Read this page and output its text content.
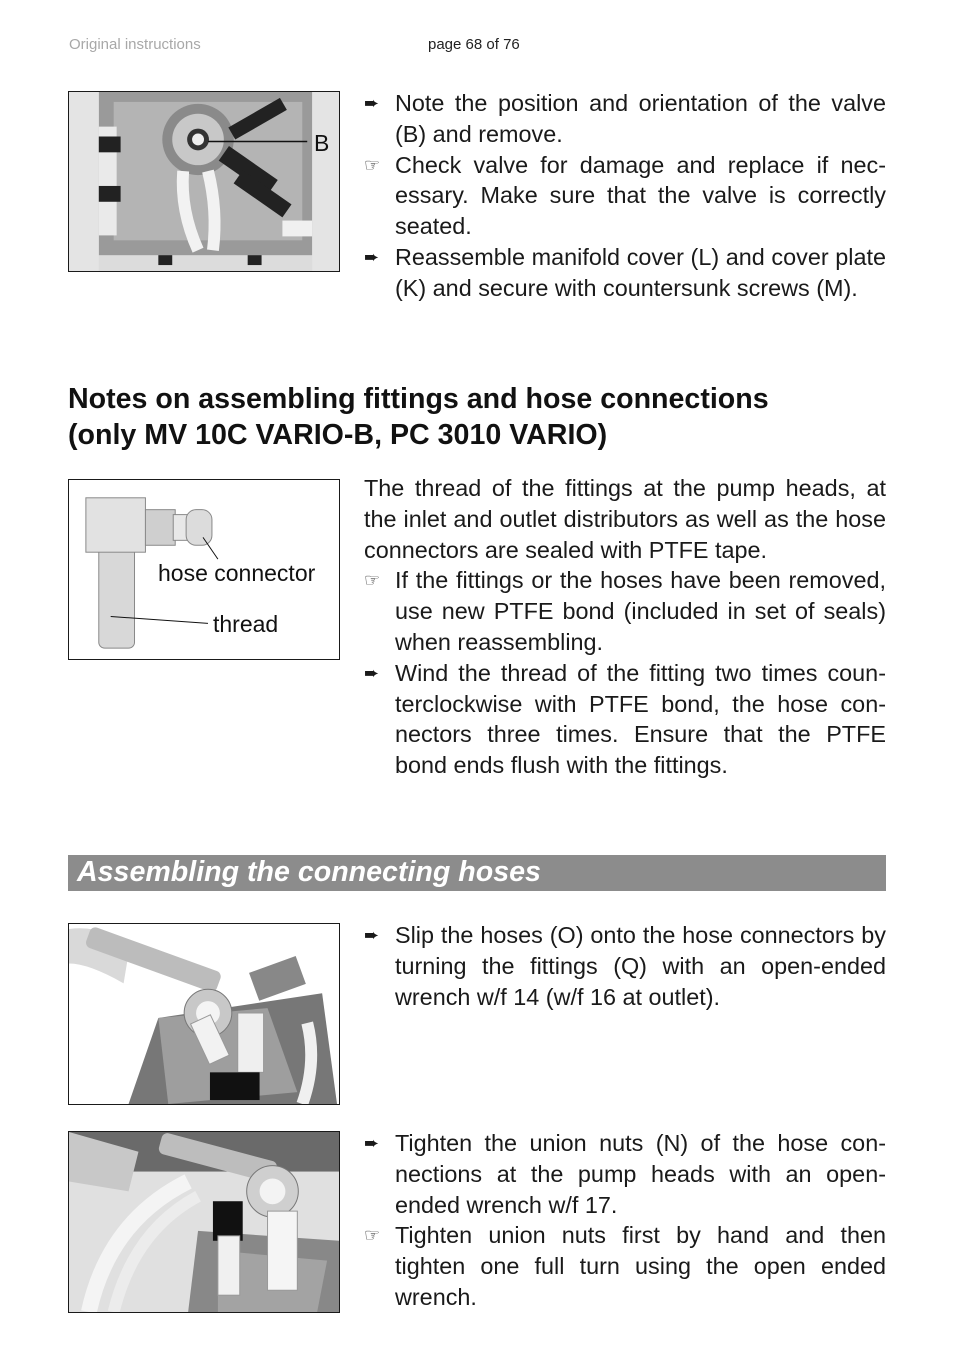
Original instructions	page 68 of 76
B
➨ Note the position and orientation of the valve (B) and remove.
☞ Check valve for damage and replace if necessary. Make sure that the valve is correctly seated.
➨ Reassemble manifold cover (L) and cover plate (K) and secure with countersunk screws (M).
Notes on assembling fittings and hose connections
(only MV 10C VARIO-B, PC 3010 VARIO)
hose connector
thread

The thread of the fittings at the pump heads, at the inlet and outlet distributors as well as the hose connectors are sealed with PTFE tape.

☞ If the fittings or the hoses have been removed, use new PTFE bond (included in set of seals) when reassembling.
➨ Wind the thread of the fitting two times counterclockwise with PTFE bond, the hose connectors three times. Ensure that the PTFE bond ends flush with the fittings.
Assembling the connecting hoses
➨ Slip the hoses (O) onto the hose connectors by turning the fittings (Q) with an open-ended wrench w/f 14 (w/f 16 at outlet).
➨ Tighten the union nuts (N) of the hose connections at the pump heads with an open-ended wrench w/f 17.
☞ Tighten union nuts first by hand and then tighten one full turn using the open ended wrench.
